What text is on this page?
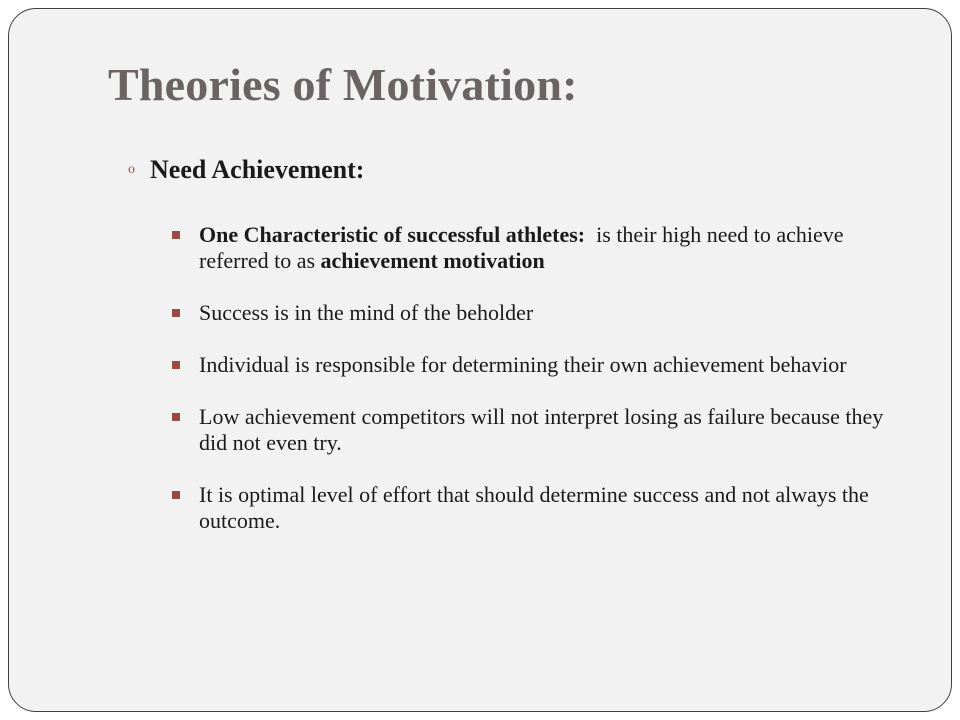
Theories of Motivation:
o Need Achievement:
One Characteristic of successful athletes:  is their high need to achieve referred to as achievement motivation
Success is in the mind of the beholder
Individual is responsible for determining their own achievement behavior
Low achievement competitors will not interpret losing as failure because they did not even try.
It is optimal level of effort that should determine success and not always the outcome.
